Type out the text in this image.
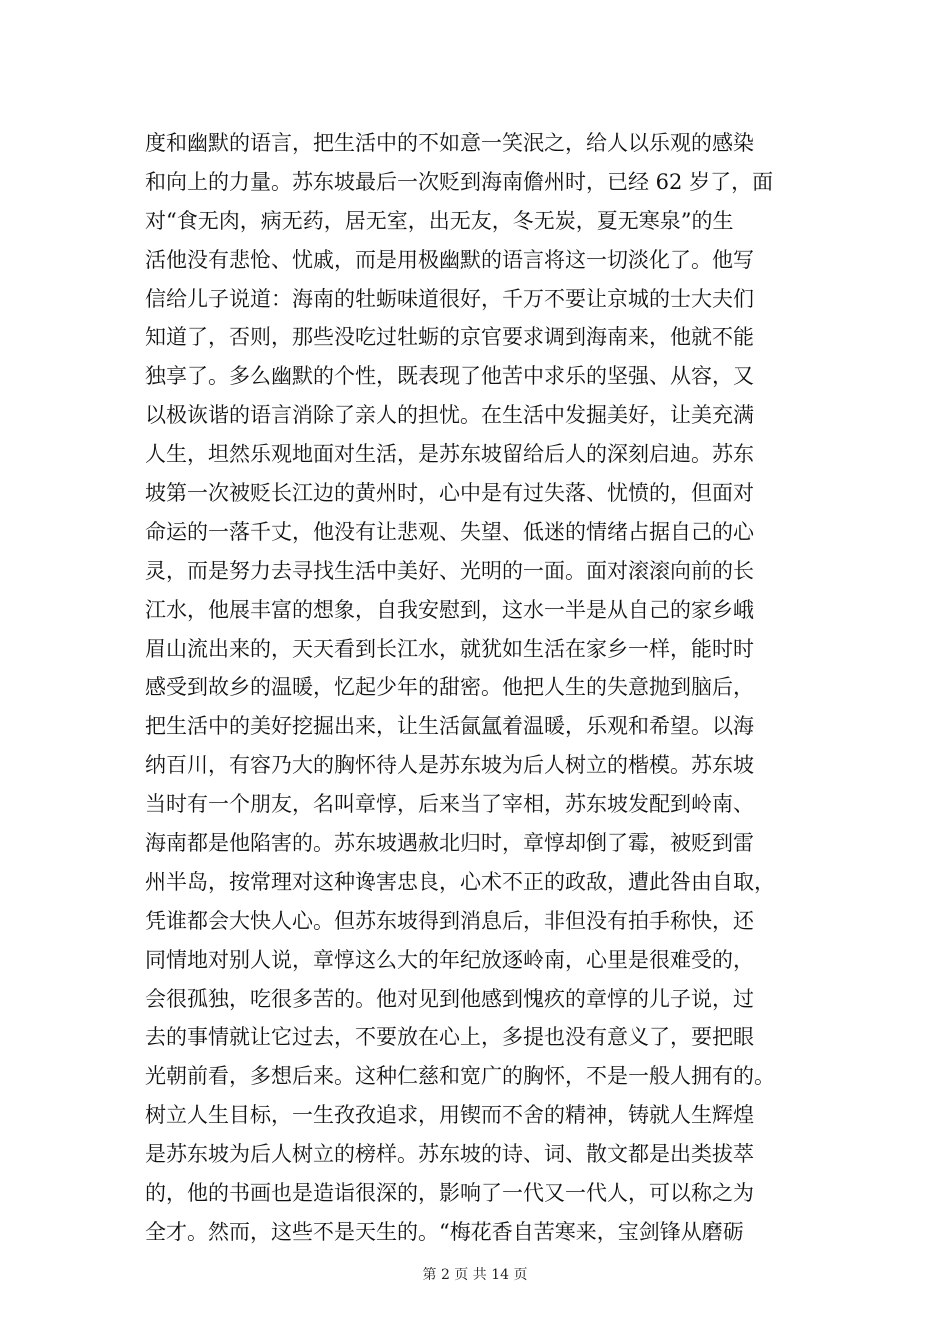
度和幽默的语言，把生活中的不如意一笑泯之，给人以乐观的感染
和向上的力量。苏东坡最后一次贬到海南儋州时，已经 62 岁了，面
对“食无肉，病无药，居无室，出无友，冬无炭，夏无寒泉”的生
活他没有悲怆、忧戚，而是用极幽默的语言将这一切淡化了。他写
信给儿子说道：海南的牡蛎味道很好，千万不要让京城的士大夫们
知道了，否则，那些没吃过牡蛎的京官要求调到海南来，他就不能
独享了。多么幽默的个性，既表现了他苦中求乐的坚强、从容，又
以极诙谐的语言消除了亲人的担忧。在生活中发掘美好，让美充满
人生，坦然乐观地面对生活，是苏东坡留给后人的深刻启迪。苏东
坡第一次被贬长江边的黄州时，心中是有过失落、忧愤的，但面对
命运的一落千丈，他没有让悲观、失望、低迷的情绪占据自己的心
灵，而是努力去寻找生活中美好、光明的一面。面对滚滚向前的长
江水，他展丰富的想象，自我安慰到，这水一半是从自己的家乡峨
眉山流出来的，天天看到长江水，就犹如生活在家乡一样，能时时
感受到故乡的温暖，忆起少年的甜密。他把人生的失意抛到脑后，
把生活中的美好挖掘出来，让生活氤氲着温暖，乐观和希望。以海
纳百川，有容乃大的胸怀待人是苏东坡为后人树立的楷模。苏东坡
当时有一个朋友，名叫章惇，后来当了宰相，苏东坡发配到岭南、
海南都是他陷害的。苏东坡遇赦北归时，章惇却倒了霉，被贬到雷
州半岛，按常理对这种谗害忠良，心术不正的政敌，遭此咎由自取，
凭谁都会大快人心。但苏东坡得到消息后，非但没有拍手称快，还
同情地对别人说，章惇这么大的年纪放逐岭南，心里是很难受的，
会很孤独，吃很多苦的。他对见到他感到愧疚的章惇的儿子说，过
去的事情就让它过去，不要放在心上，多提也没有意义了，要把眼
光朝前看，多想后来。这种仁慈和宽广的胸怀，不是一般人拥有的。
树立人生目标，一生孜孜追求，用锲而不舍的精神，铸就人生辉煌
是苏东坡为后人树立的榜样。苏东坡的诗、词、散文都是出类拔萃
的，他的书画也是造诣很深的，影响了一代又一代人，可以称之为
全才。然而，这些不是天生的。“梅花香自苦寒来，宝剑锋从磨砺
第 2 页 共 14 页
